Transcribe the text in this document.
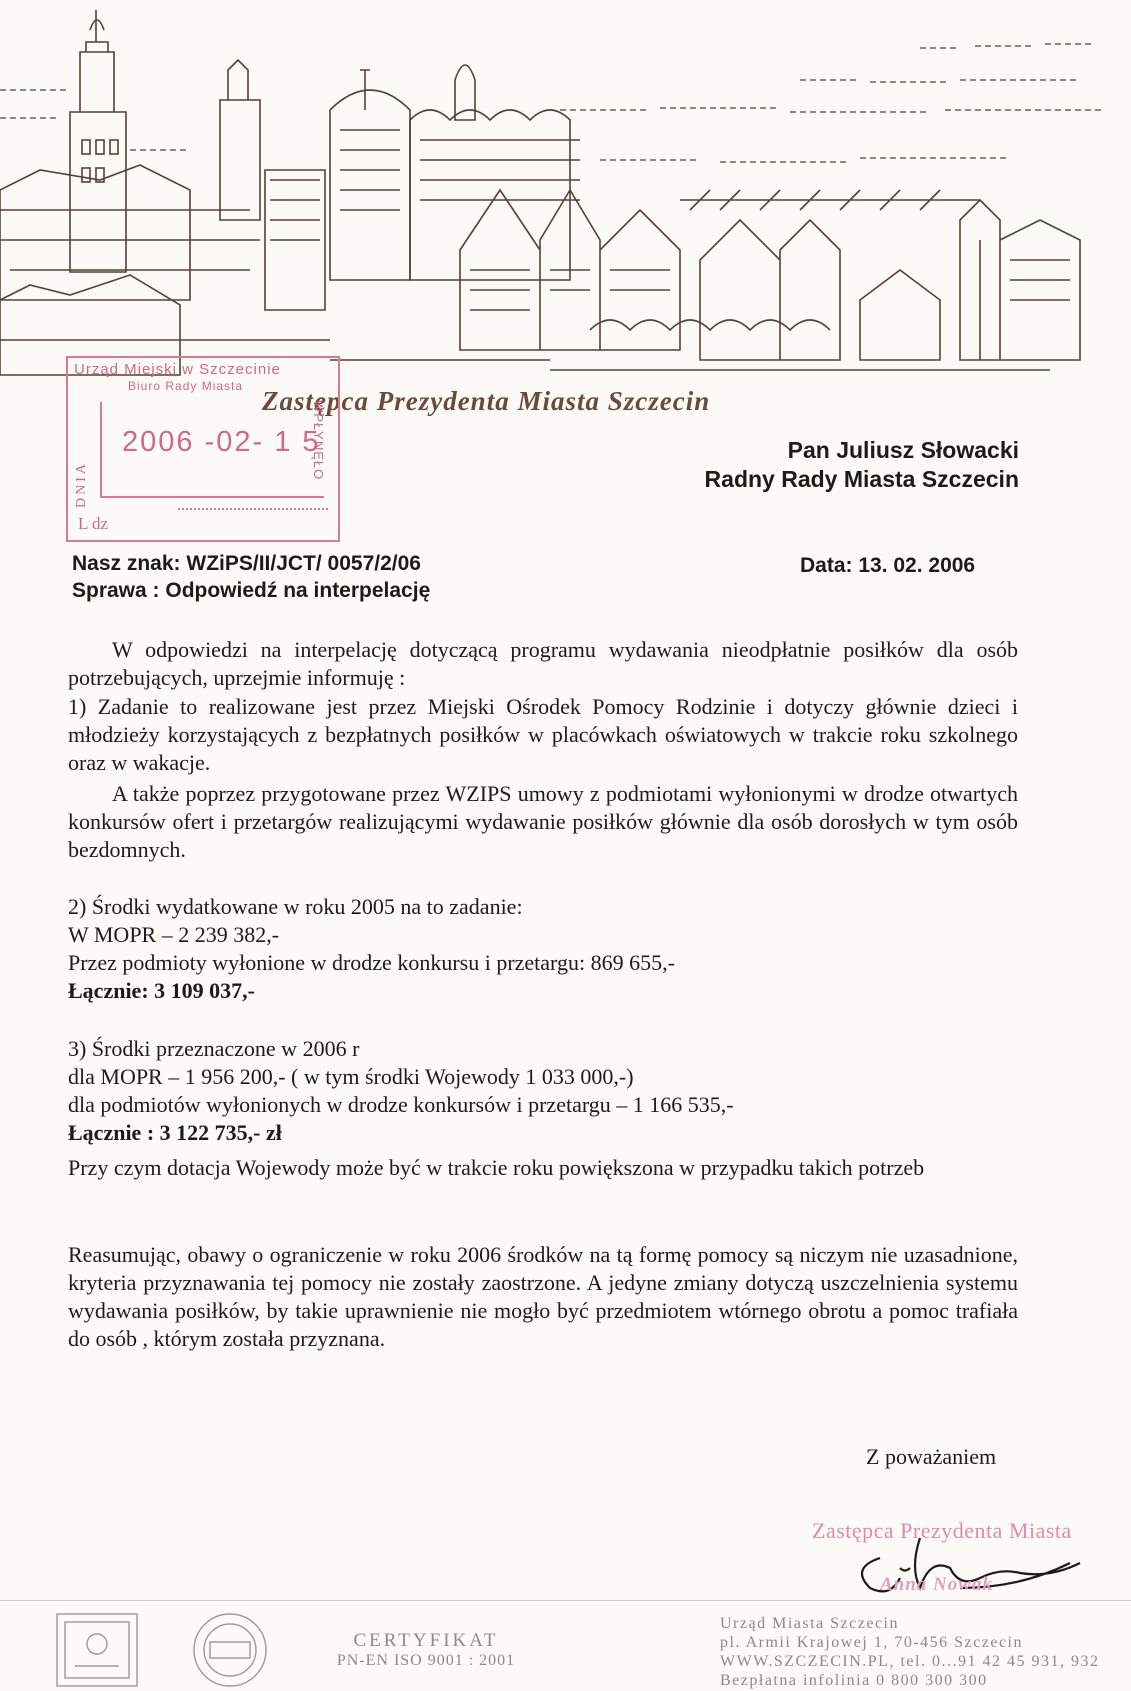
Zastępca Prezydenta Miasta Szczecin
Urząd Miejski w Szczecinie
Biuro Rady Miasta
DNIA
2006 -02- 1 5
WPŁYNĘŁO
L dz
Pan Juliusz Słowacki
Radny Rady Miasta Szczecin
Nasz znak: WZiPS/II/JCT/ 0057/2/06
Sprawa : Odpowiedź na interpelację
Data: 13. 02. 2006
W odpowiedzi na interpelację dotyczącą programu wydawania nieodpłatnie posiłków dla osób potrzebujących, uprzejmie informuję :
1) Zadanie to realizowane jest przez Miejski Ośrodek Pomocy Rodzinie i dotyczy głównie dzieci i młodzieży korzystających z bezpłatnych posiłków w placówkach oświatowych w trakcie roku szkolnego oraz w wakacje.
A także poprzez przygotowane przez WZIPS umowy z podmiotami wyłonionymi w drodze otwartych konkursów ofert i przetargów realizującymi wydawanie posiłków głównie dla osób dorosłych w tym osób bezdomnych.
2) Środki wydatkowane w roku 2005 na to zadanie:
W MOPR – 2 239 382,-
Przez podmioty wyłonione w drodze konkursu i przetargu: 869 655,-
Łącznie: 3 109 037,-
3) Środki przeznaczone w 2006 r
dla MOPR – 1 956 200,- ( w tym środki Wojewody 1 033 000,-)
dla podmiotów wyłonionych w drodze konkursów i przetargu – 1 166 535,-
Łącznie : 3 122 735,- zł
Przy czym dotacja Wojewody może być w trakcie roku powiększona w przypadku takich potrzeb
Reasumując, obawy o ograniczenie w roku 2006 środków na tą formę pomocy są niczym nie uzasadnione, kryteria przyznawania tej pomocy nie zostały zaostrzone. A jedyne zmiany dotyczą uszczelnienia systemu wydawania posiłków, by takie uprawnienie nie mogło być przedmiotem wtórnego obrotu a pomoc trafiała do osób , którym została przyznana.
Z poważaniem
Zastępca Prezydenta Miasta
Anna Nowak
CERTYFIKAT
PN-EN ISO 9001 : 2001
Urząd Miasta Szczecin
pl. Armii Krajowej 1, 70-456 Szczecin
WWW.SZCZECIN.PL, tel. 0...91 42 45 931, 932
Bezpłatna infolinia 0 800 300 300
